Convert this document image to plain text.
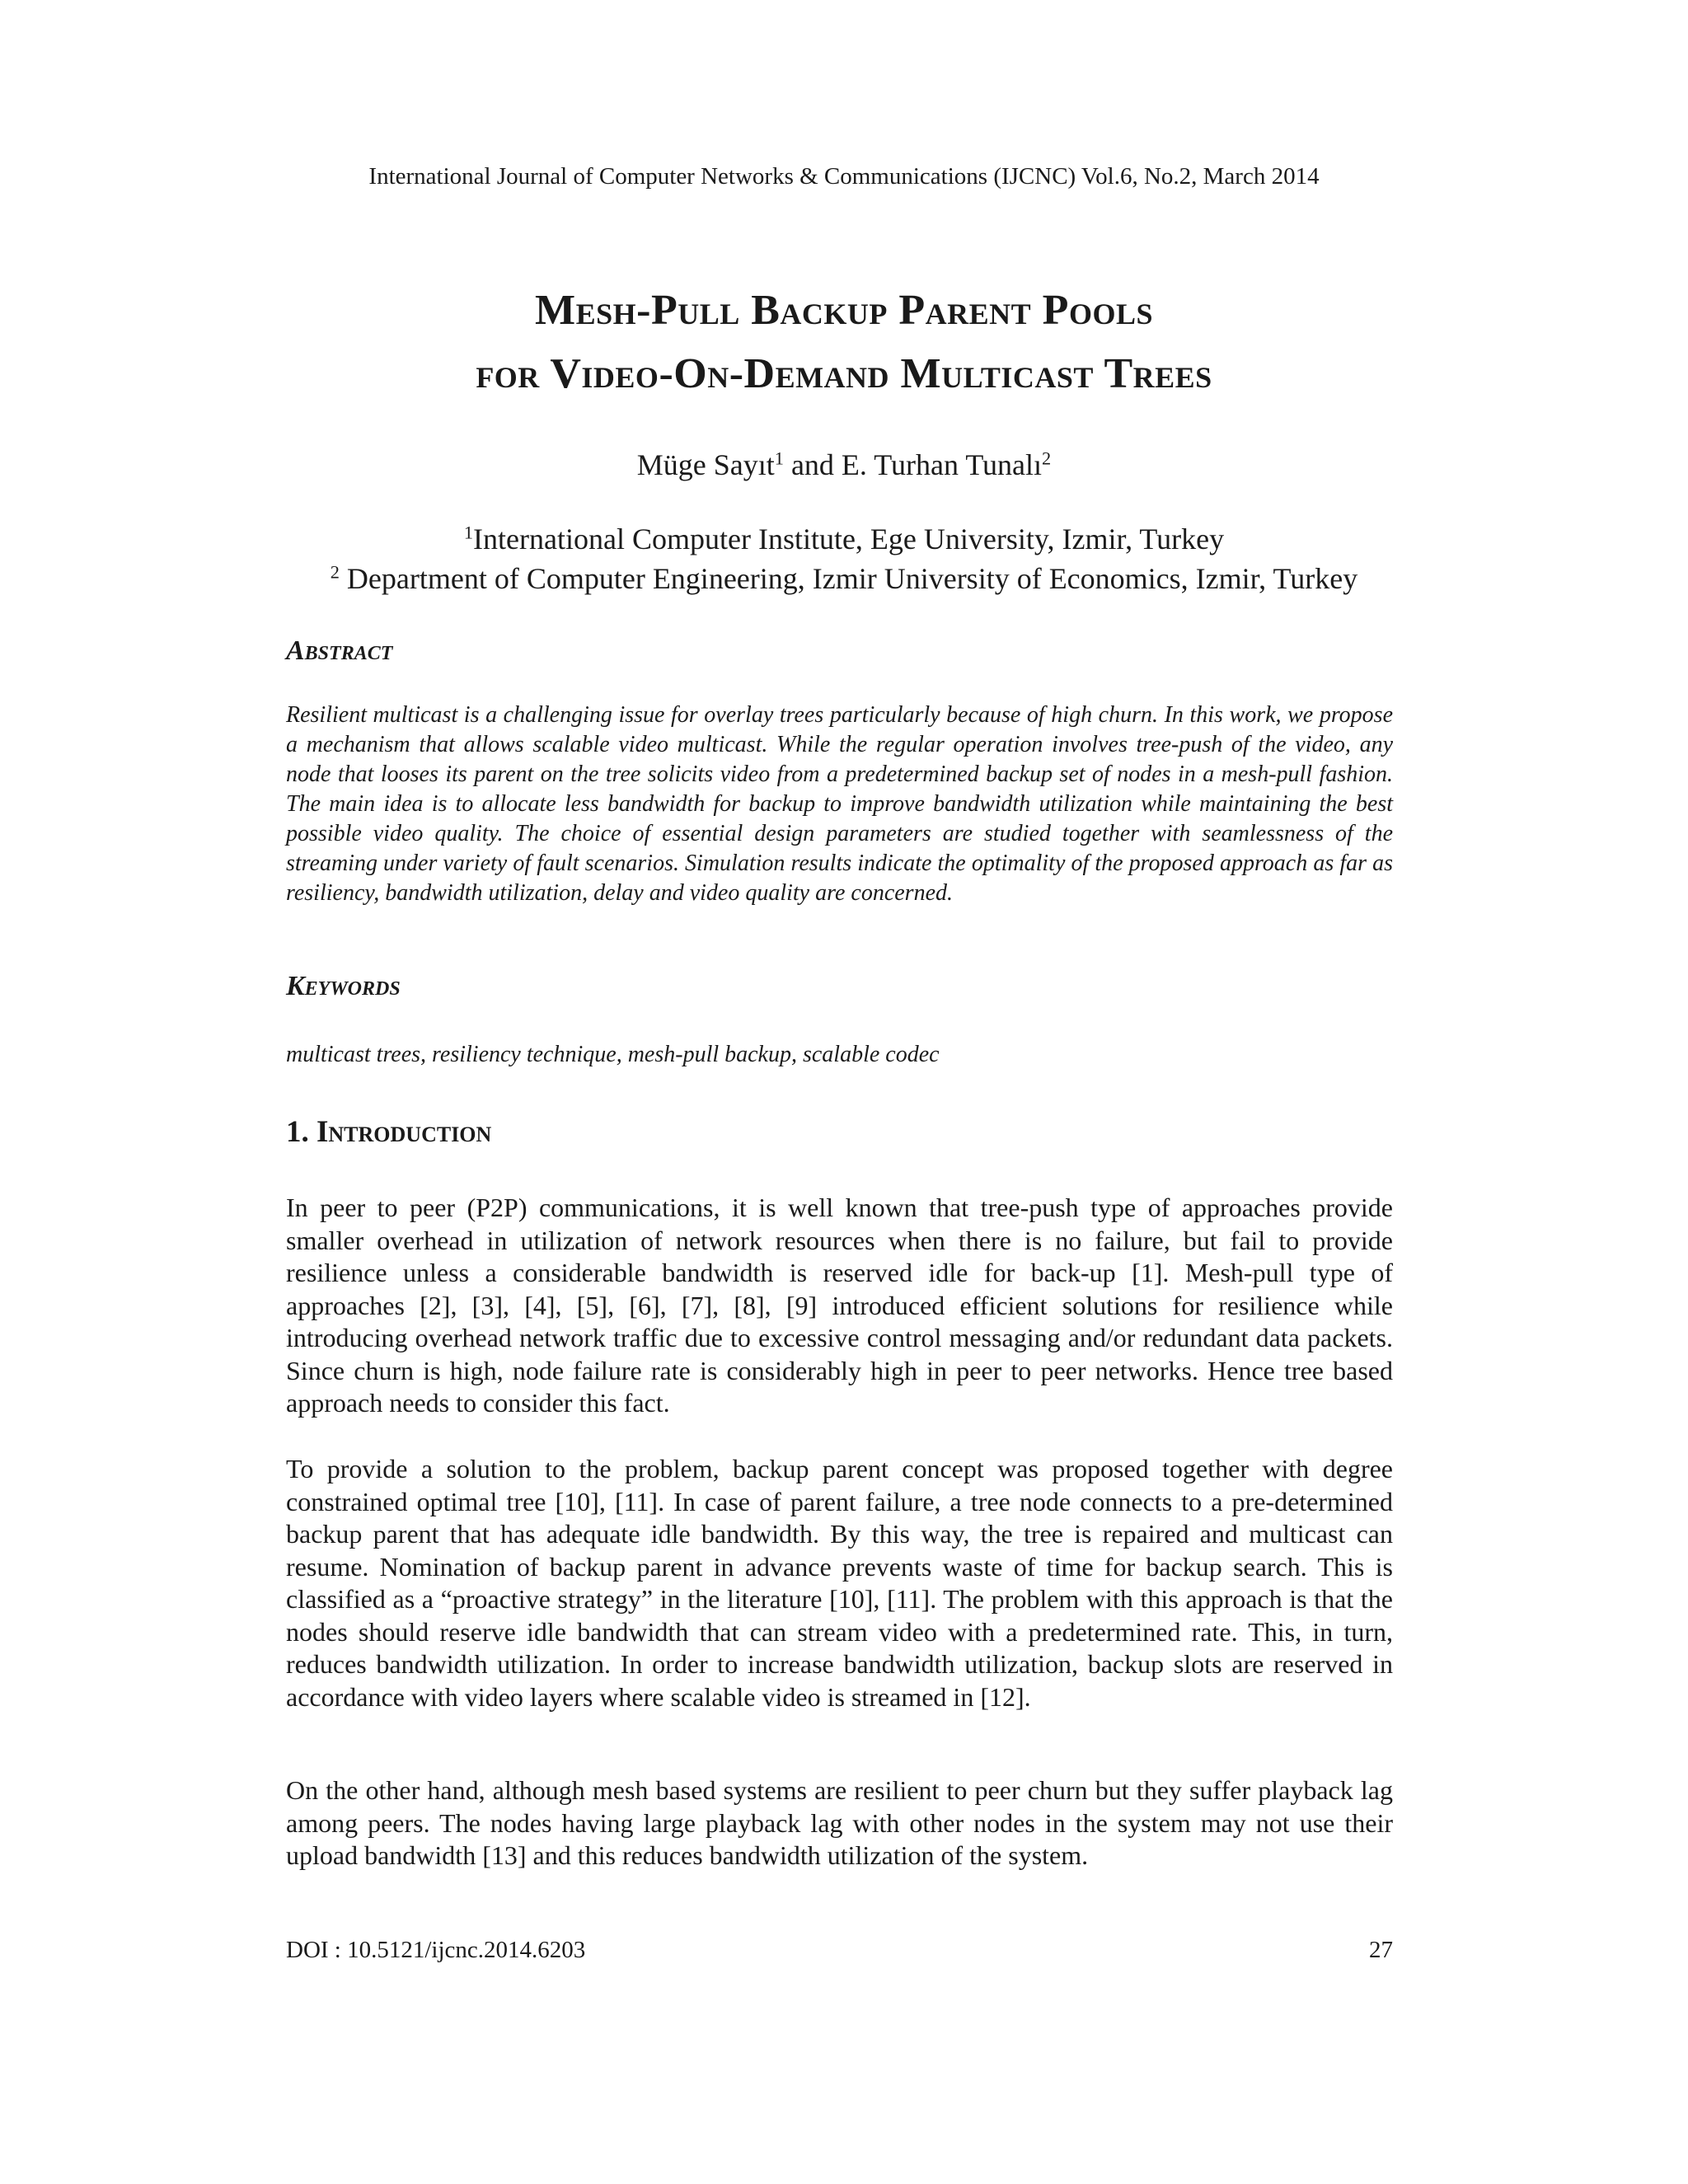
International Journal of Computer Networks & Communications (IJCNC) Vol.6, No.2, March 2014
Mesh-Pull Backup Parent Pools
for Video-On-Demand Multicast Trees
Müge Sayıt$^1$ and E. Turhan Tunalı$^2$
$^1$International Computer Institute, Ege University, Izmir, Turkey
$^2$ Department of Computer Engineering, Izmir University of Economics, Izmir, Turkey
Abstract

Resilient multicast is a challenging issue for overlay trees particularly because of high churn. In this work, we propose a mechanism that allows scalable video multicast. While the regular operation involves tree-push of the video, any node that looses its parent on the tree solicits video from a predetermined backup set of nodes in a mesh-pull fashion. The main idea is to allocate less bandwidth for backup to improve bandwidth utilization while maintaining the best possible video quality. The choice of essential design parameters are studied together with seamlessness of the streaming under variety of fault scenarios. Simulation results indicate the optimality of the proposed approach as far as resiliency, bandwidth utilization, delay and video quality are concerned.

Keywords

multicast trees, resiliency technique, mesh-pull backup, scalable codec

1. Introduction

In peer to peer (P2P) communications, it is well known that tree-push type of approaches provide smaller overhead in utilization of network resources when there is no failure, but fail to provide resilience unless a considerable bandwidth is reserved idle for back-up [1]. Mesh-pull type of approaches [2], [3], [4], [5], [6], [7], [8], [9] introduced efficient solutions for resilience while introducing overhead network traffic due to excessive control messaging and/or redundant data packets. Since churn is high, node failure rate is considerably high in peer to peer networks. Hence tree based approach needs to consider this fact.

To provide a solution to the problem, backup parent concept was proposed together with degree constrained optimal tree [10], [11]. In case of parent failure, a tree node connects to a pre-determined backup parent that has adequate idle bandwidth. By this way, the tree is repaired and multicast can resume. Nomination of backup parent in advance prevents waste of time for backup search. This is classified as a “proactive strategy” in the literature [10], [11]. The problem with this approach is that the nodes should reserve idle bandwidth that can stream video with a predetermined rate. This, in turn, reduces bandwidth utilization. In order to increase bandwidth utilization, backup slots are reserved in accordance with video layers where scalable video is streamed in [12].

On the other hand, although mesh based systems are resilient to peer churn but they suffer playback lag among peers. The nodes having large playback lag with other nodes in the system may not use their upload bandwidth [13] and this reduces bandwidth utilization of the system.

DOI : 10.5121/ijcnc.2014.6203	27
